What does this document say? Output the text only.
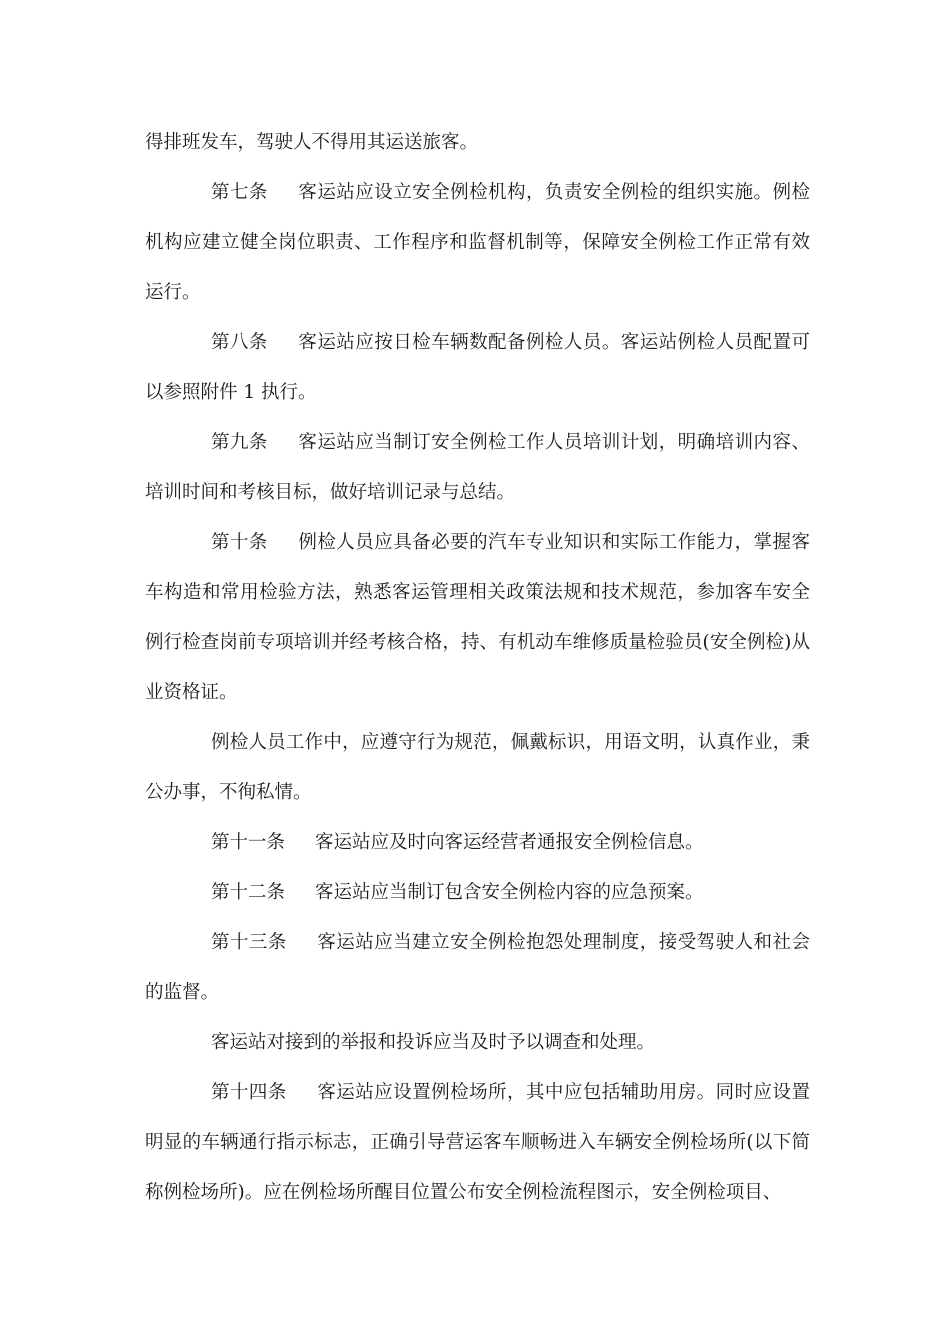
得排班发车，驾驶人不得用其运送旅客。

第七条 客运站应设立安全例检机构，负责安全例检的组织实施。例检机构应建立健全岗位职责、工作程序和监督机制等，保障安全例检工作正常有效运行。

第八条 客运站应按日检车辆数配备例检人员。客运站例检人员配置可以参照附件 1 执行。

第九条 客运站应当制订安全例检工作人员培训计划，明确培训内容、培训时间和考核目标，做好培训记录与总结。

第十条 例检人员应具备必要的汽车专业知识和实际工作能力，掌握客车构造和常用检验方法，熟悉客运管理相关政策法规和技术规范，参加客车安全例行检查岗前专项培训并经考核合格，持、有机动车维修质量检验员(安全例检)从业资格证。

例检人员工作中，应遵守行为规范，佩戴标识，用语文明，认真作业，秉公办事，不徇私情。

第十一条 客运站应及时向客运经营者通报安全例检信息。

第十二条 客运站应当制订包含安全例检内容的应急预案。

第十三条 客运站应当建立安全例检抱怨处理制度，接受驾驶人和社会的监督。

客运站对接到的举报和投诉应当及时予以调查和处理。

第十四条 客运站应设置例检场所，其中应包括辅助用房。同时应设置明显的车辆通行指示标志，正确引导营运客车顺畅进入车辆安全例检场所(以下简称例检场所)。应在例检场所醒目位置公布安全例检流程图示，安全例检项目、
